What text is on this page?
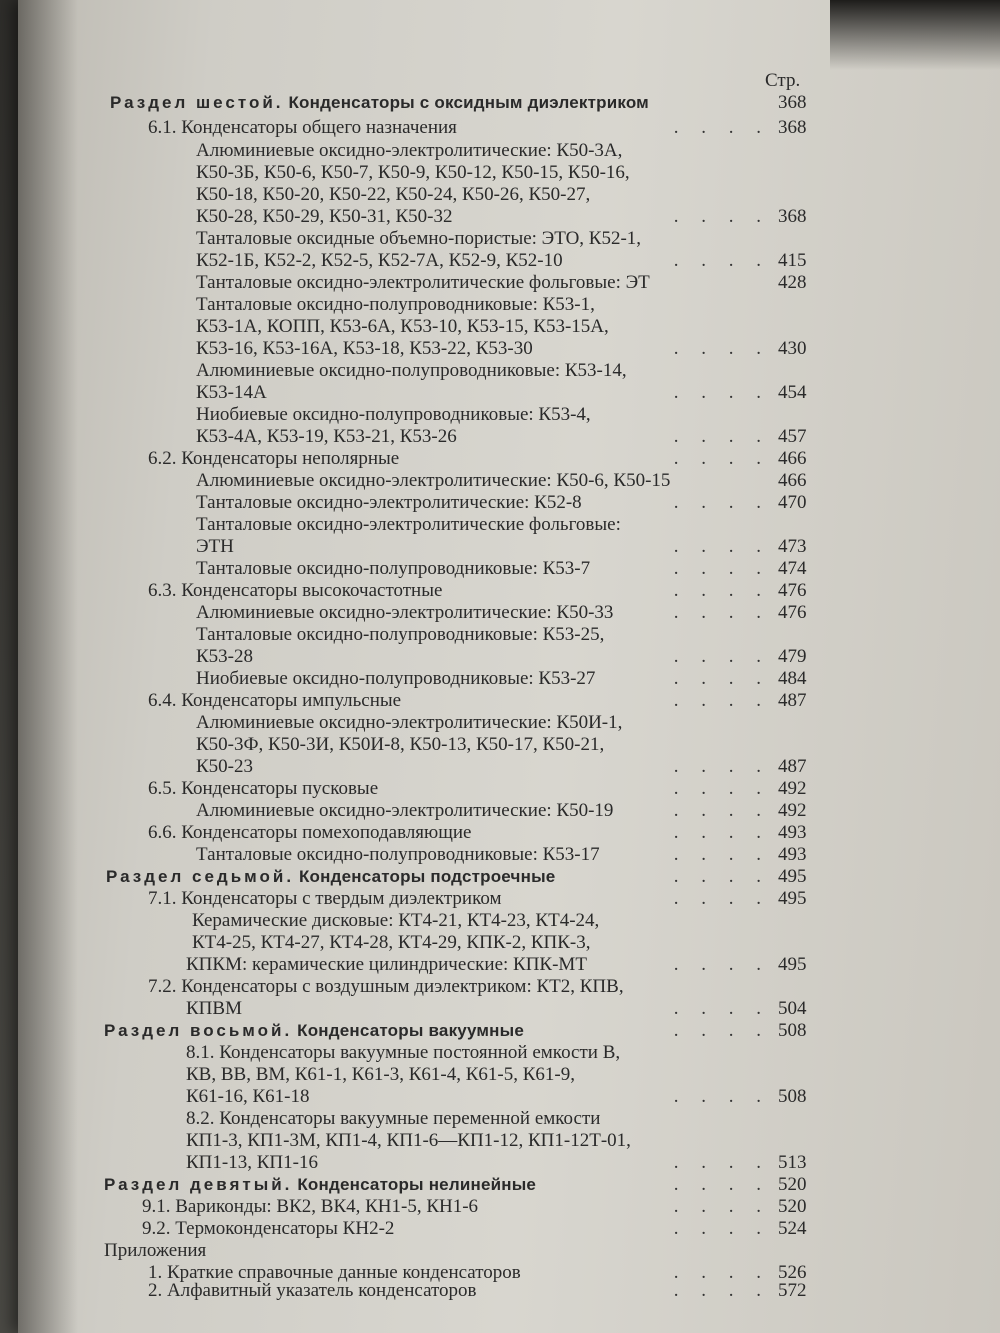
Стр.
Раздел шестой. Конденсаторы с оксидным диэлектриком	368
6.1. Конденсаторы общего назначения	. . . . 368
Алюминиевые оксидно-электролитические: К50-3А,
К50-3Б, К50-6, К50-7, К50-9, К50-12, К50-15, К50-16,
К50-18, К50-20, К50-22, К50-24, К50-26, К50-27,
К50-28, К50-29, К50-31, К50-32	. . . . 368
Танталовые оксидные объемно-пористые: ЭТО, К52-1,
К52-1Б, К52-2, К52-5, К52-7А, К52-9, К52-10	. . . . 415
Танталовые оксидно-электролитические фольговые: ЭТ	428
Танталовые оксидно-полупроводниковые: К53-1,
К53-1А, КОПП, К53-6А, К53-10, К53-15, К53-15А,
К53-16, К53-16А, К53-18, К53-22, К53-30	. . . . 430
Алюминиевые оксидно-полупроводниковые: К53-14,
К53-14А	. . . . 454
Ниобиевые оксидно-полупроводниковые: К53-4,
К53-4А, К53-19, К53-21, К53-26	. . . . 457
6.2. Конденсаторы неполярные	. . . . 466
Алюминиевые оксидно-электролитические: К50-6, К50-15	466
Танталовые оксидно-электролитические: К52-8	. . . . 470
Танталовые оксидно-электролитические фольговые:
ЭТН	. . . . 473
Танталовые оксидно-полупроводниковые: К53-7	. . . . 474
6.3. Конденсаторы высокочастотные	. . . . 476
Алюминиевые оксидно-электролитические: К50-33	. . . . 476
Танталовые оксидно-полупроводниковые: К53-25,
К53-28	. . . . 479
Ниобиевые оксидно-полупроводниковые: К53-27	. . . . 484
6.4. Конденсаторы импульсные	. . . . 487
Алюминиевые оксидно-электролитические: К50И-1,
К50-3Ф, К50-3И, К50И-8, К50-13, К50-17, К50-21,
К50-23	. . . . 487
6.5. Конденсаторы пусковые	. . . . 492
Алюминиевые оксидно-электролитические: К50-19	. . . . 492
6.6. Конденсаторы помехоподавляющие	. . . . 493
Танталовые оксидно-полупроводниковые: К53-17	. . . . 493
Раздел седьмой. Конденсаторы подстроечные	. . . . 495
7.1. Конденсаторы с твердым диэлектриком	. . . . 495
Керамические дисковые: КТ4-21, КТ4-23, КТ4-24,
КТ4-25, КТ4-27, КТ4-28, КТ4-29, КПК-2, КПК-3,
КПКМ: керамические цилиндрические: КПК-МТ	. . . . 495
7.2. Конденсаторы с воздушным диэлектриком: КТ2, КПВ,
КПВМ	. . . . 504
Раздел восьмой. Конденсаторы вакуумные	. . . . 508
8.1. Конденсаторы вакуумные постоянной емкости В,
КВ, ВВ, ВМ, К61-1, К61-3, К61-4, К61-5, К61-9,
К61-16, К61-18	. . . . 508
8.2. Конденсаторы вакуумные переменной емкости
КП1-3, КП1-3М, КП1-4, КП1-6—КП1-12, КП1-12Т-01,
КП1-13, КП1-16	. . . . 513
Раздел девятый. Конденсаторы нелинейные	. . . . 520
9.1. Вариконды: ВК2, ВК4, КН1-5, КН1-6	. . . . 520
9.2. Термоконденсаторы КН2-2	. . . . 524
Приложения
1. Краткие справочные данные конденсаторов	. . . . 526
2. Алфавитный указатель конденсаторов	. . . . 572
